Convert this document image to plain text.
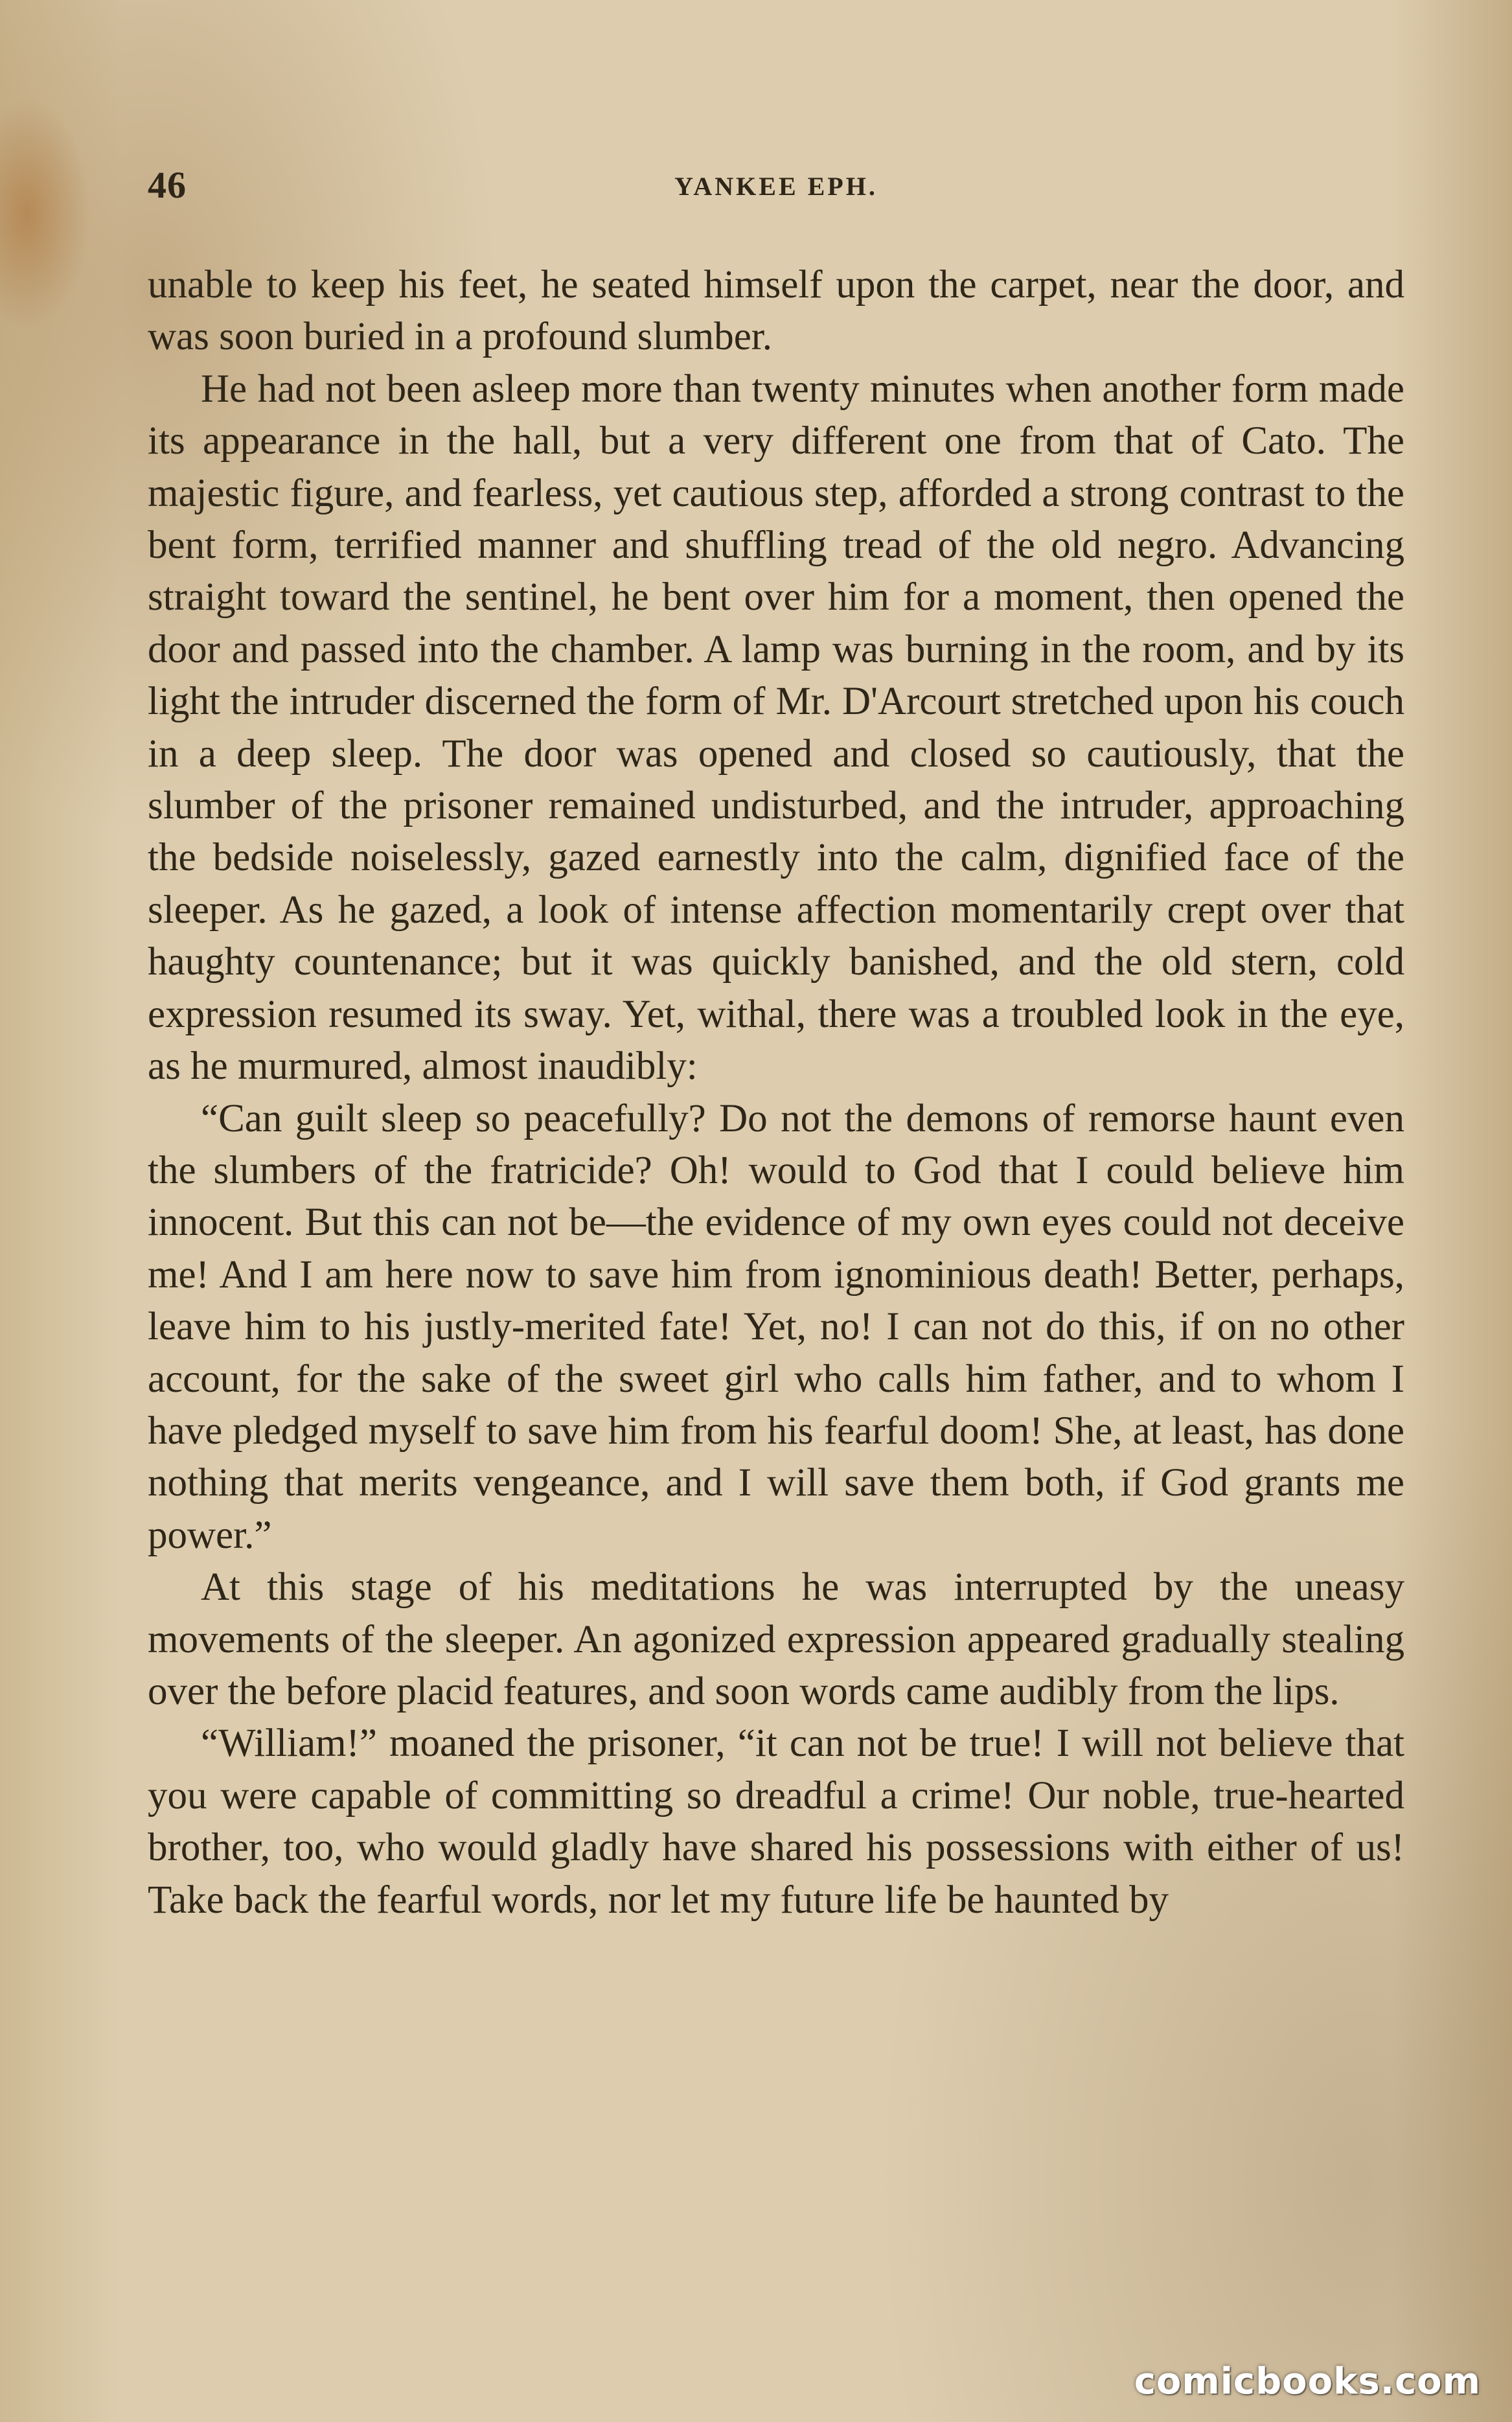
46	YANKEE EPH.

unable to keep his feet, he seated himself upon the carpet, near the door, and was soon buried in a profound slumber.

He had not been asleep more than twenty minutes when another form made its appearance in the hall, but a very different one from that of Cato. The majestic figure, and fearless, yet cautious step, afforded a strong contrast to the bent form, terrified manner and shuffling tread of the old negro. Advancing straight toward the sentinel, he bent over him for a moment, then opened the door and passed into the chamber. A lamp was burning in the room, and by its light the intruder discerned the form of Mr. D'Arcourt stretched upon his couch in a deep sleep. The door was opened and closed so cautiously, that the slumber of the prisoner remained undisturbed, and the intruder, approaching the bedside noiselessly, gazed earnestly into the calm, dignified face of the sleeper. As he gazed, a look of intense affection momentarily crept over that haughty countenance; but it was quickly banished, and the old stern, cold expression resumed its sway. Yet, withal, there was a troubled look in the eye, as he murmured, almost inaudibly:

“Can guilt sleep so peacefully? Do not the demons of remorse haunt even the slumbers of the fratricide? Oh! would to God that I could believe him innocent. But this can not be—the evidence of my own eyes could not deceive me! And I am here now to save him from ignominious death! Better, perhaps, leave him to his justly-merited fate! Yet, no! I can not do this, if on no other account, for the sake of the sweet girl who calls him father, and to whom I have pledged myself to save him from his fearful doom! She, at least, has done nothing that merits vengeance, and I will save them both, if God grants me power.”

At this stage of his meditations he was interrupted by the uneasy movements of the sleeper. An agonized expression appeared gradually stealing over the before placid features, and soon words came audibly from the lips.

“William!” moaned the prisoner, “it can not be true! I will not believe that you were capable of committing so dreadful a crime! Our noble, true-hearted brother, too, who would gladly have shared his possessions with either of us! Take back the fearful words, nor let my future life be haunted by

comicbooks.com
